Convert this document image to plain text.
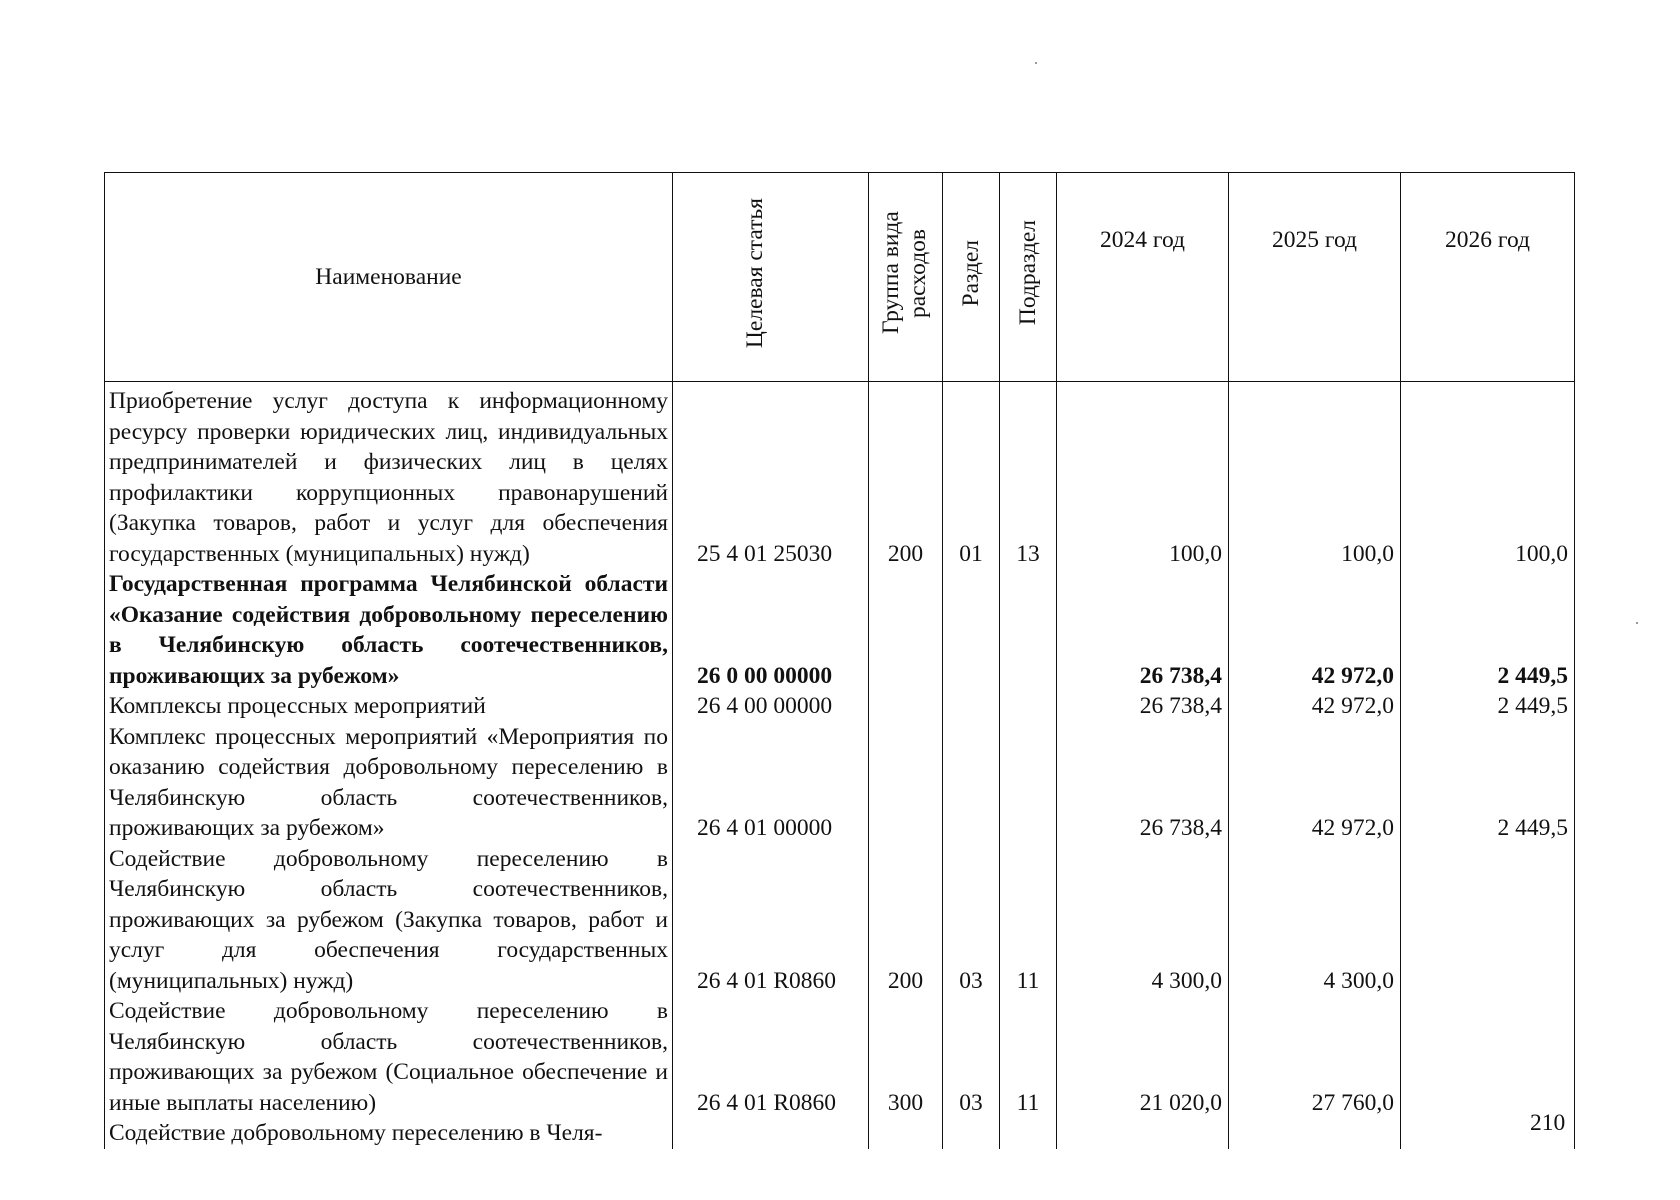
Наименование	Целевая статья	Группа вида расходов	Раздел	Подраздел	2024 год	2025 год	2026 год
Приобретение услуг доступа к информационному ресурсу проверки юридических лиц, индивидуальных предпринимателей и физических лиц в целях профилактики коррупционных правонарушений (Закупка товаров, работ и услуг для обеспечения государственных (муниципальных) нужд)	25 4 01 25030	200	01	13	100,0	100,0	100,0
Государственная программа Челябинской области «Оказание содействия добровольному переселению в Челябинскую область соотечественников, проживающих за рубежом»	26 0 00 00000				26 738,4	42 972,0	2 449,5
Комплексы процессных мероприятий	26 4 00 00000				26 738,4	42 972,0	2 449,5
Комплекс процессных мероприятий «Мероприятия по оказанию содействия добровольному переселению в Челябинскую область соотечественников, проживающих за рубежом»	26 4 01 00000				26 738,4	42 972,0	2 449,5
Содействие добровольному переселению в Челябинскую область соотечественников, проживающих за рубежом (Закупка товаров, работ и услуг для обеспечения государственных (муниципальных) нужд)	26 4 01 R0860	200	03	11	4 300,0	4 300,0	
Содействие добровольному переселению в Челябинскую область соотечественников, проживающих за рубежом (Социальное обеспечение и иные выплаты населению)	26 4 01 R0860	300	03	11	21 020,0	27 760,0	
Содействие добровольному переселению в Челя-								210
